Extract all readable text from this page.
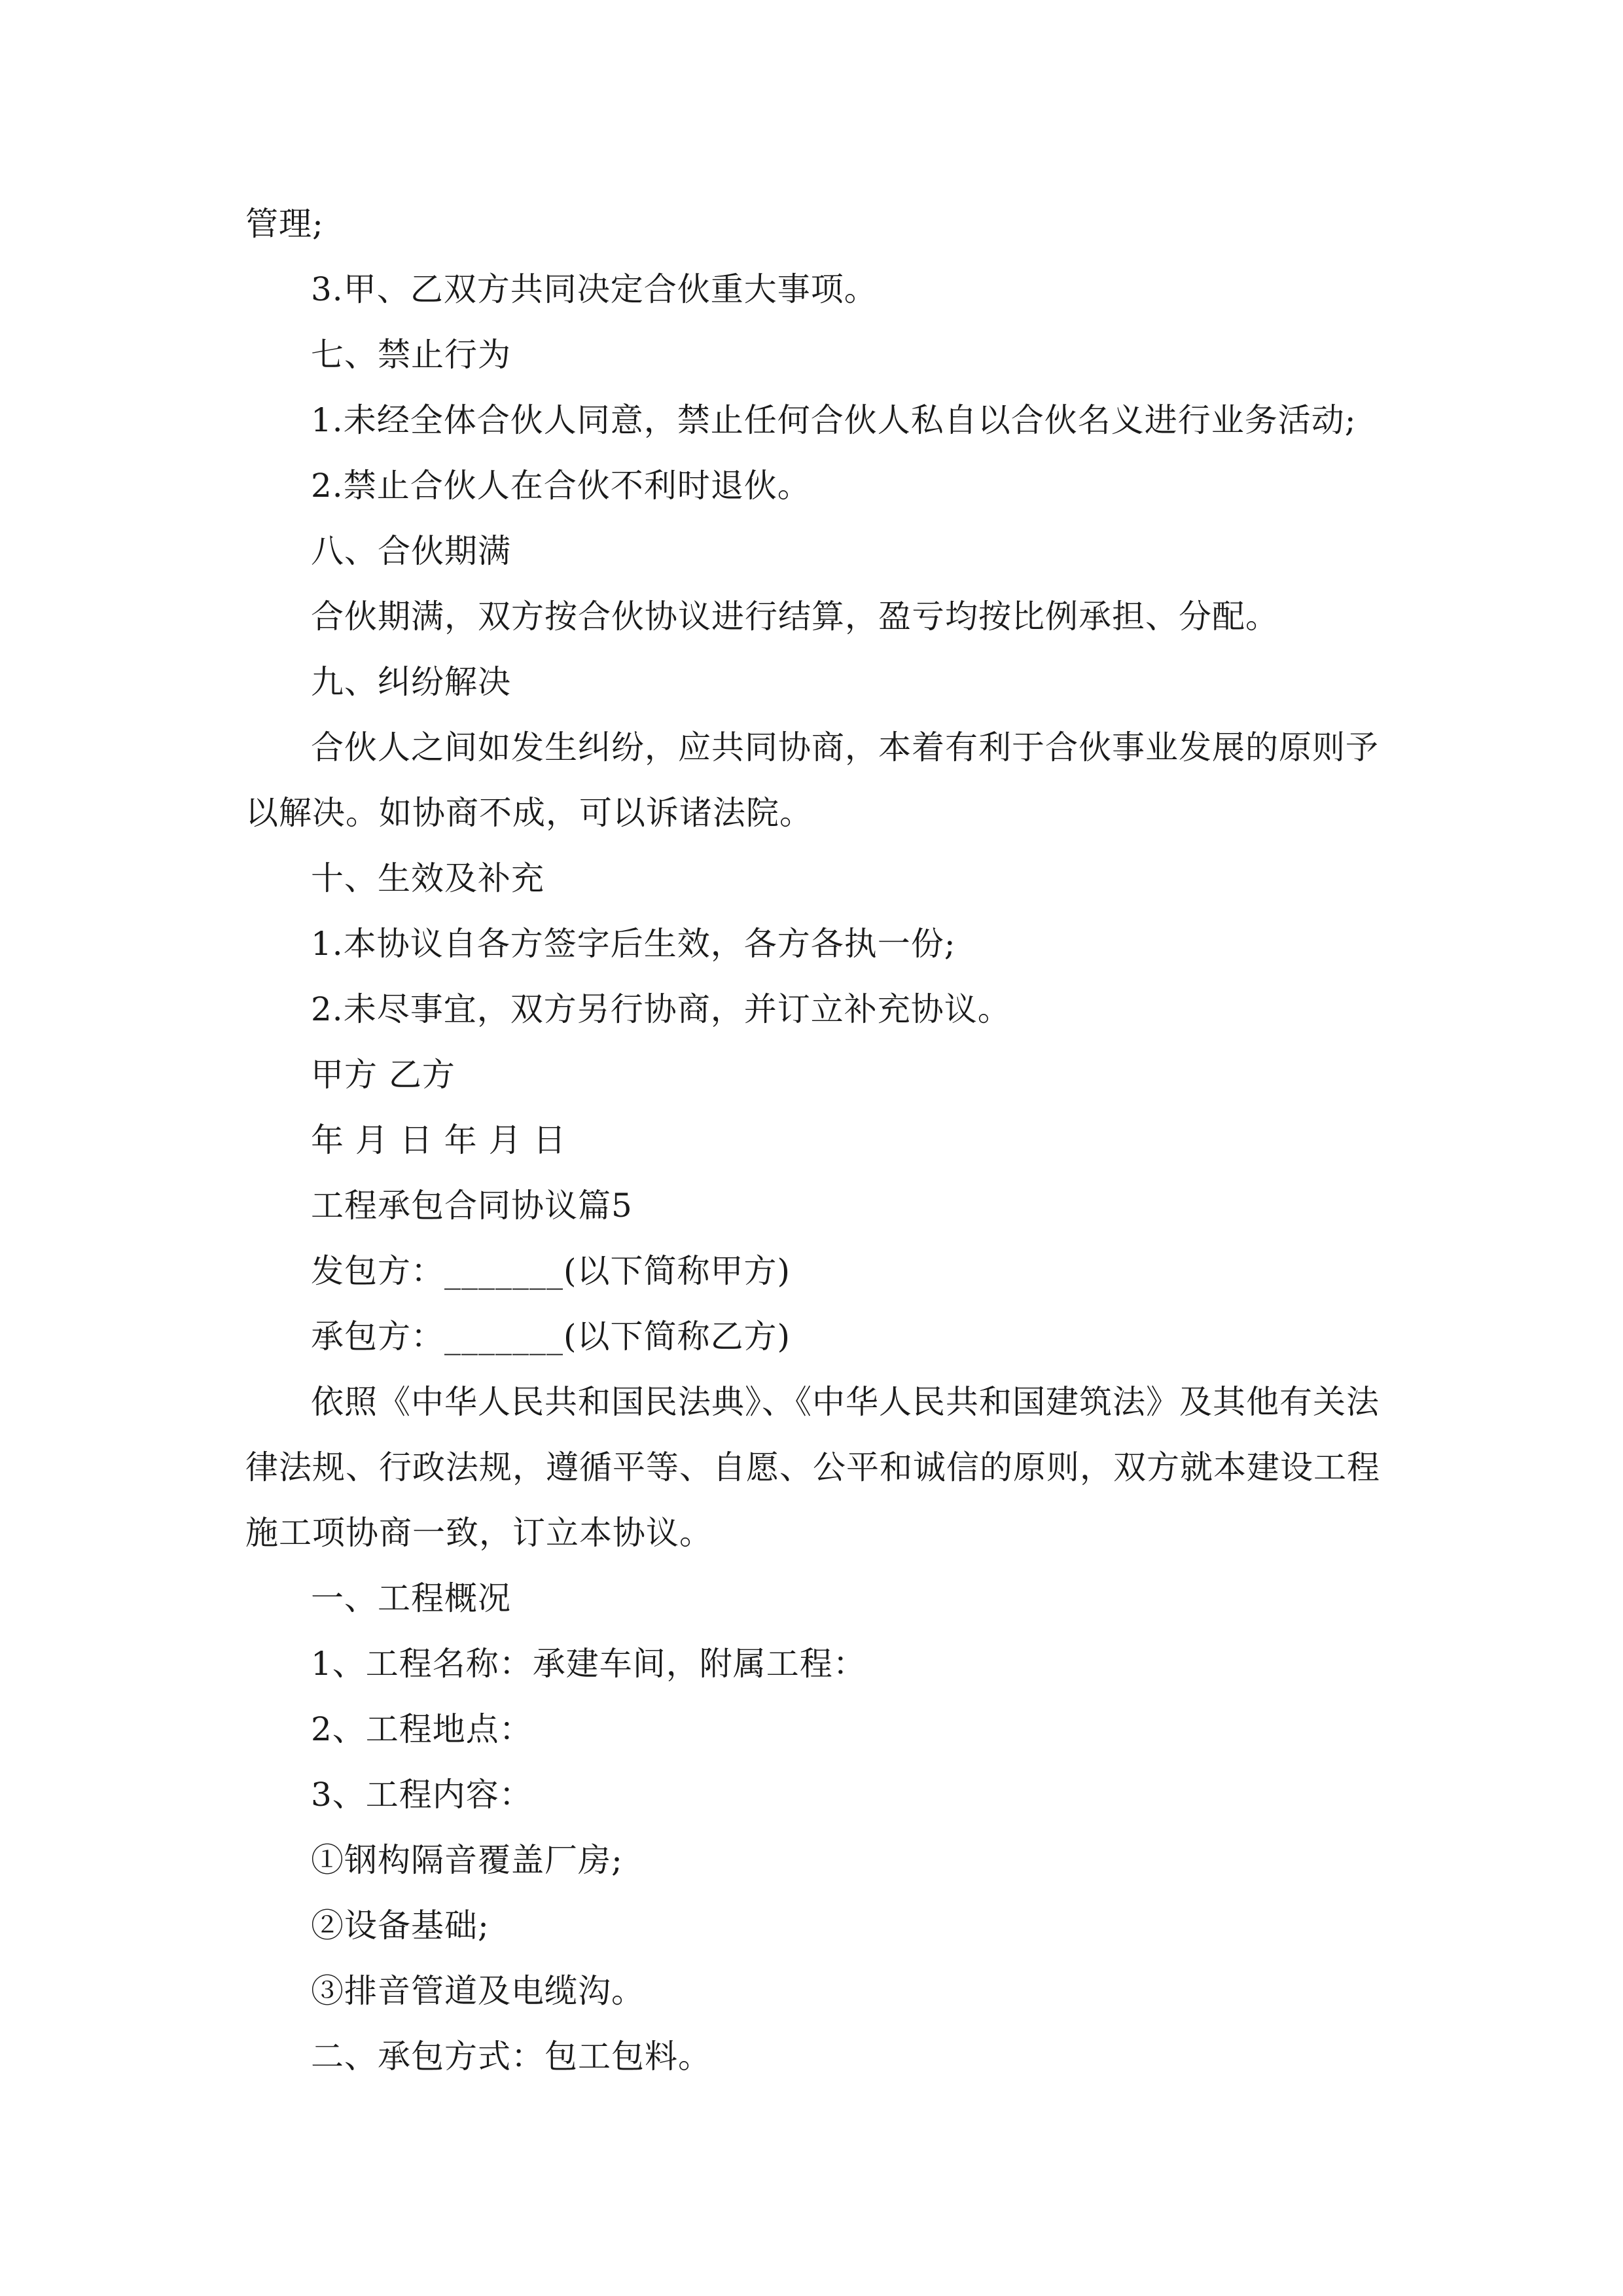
管理;

3.甲、乙双方共同决定合伙重大事项。

七、禁止行为

1.未经全体合伙人同意，禁止任何合伙人私自以合伙名义进行业务活动;

2.禁止合伙人在合伙不利时退伙。

八、合伙期满

合伙期满，双方按合伙协议进行结算，盈亏均按比例承担、分配。

九、纠纷解决

合伙人之间如发生纠纷，应共同协商，本着有利于合伙事业发展的原则予以解决。如协商不成，可以诉诸法院。

十、生效及补充

1.本协议自各方签字后生效，各方各执一份;

2.未尽事宜，双方另行协商，并订立补充协议。

甲方 乙方

年 月 日 年 月 日

工程承包合同协议篇5

发包方：_______(以下简称甲方)

承包方：_______(以下简称乙方)

依照《中华人民共和国民法典》、《中华人民共和国建筑法》及其他有关法律法规、行政法规，遵循平等、自愿、公平和诚信的原则，双方就本建设工程施工项协商一致，订立本协议。

一、工程概况

1、工程名称：承建车间，附属工程：

2、工程地点：

3、工程内容：

①钢构隔音覆盖厂房;

②设备基础;

③排音管道及电缆沟。

二、承包方式：包工包料。
